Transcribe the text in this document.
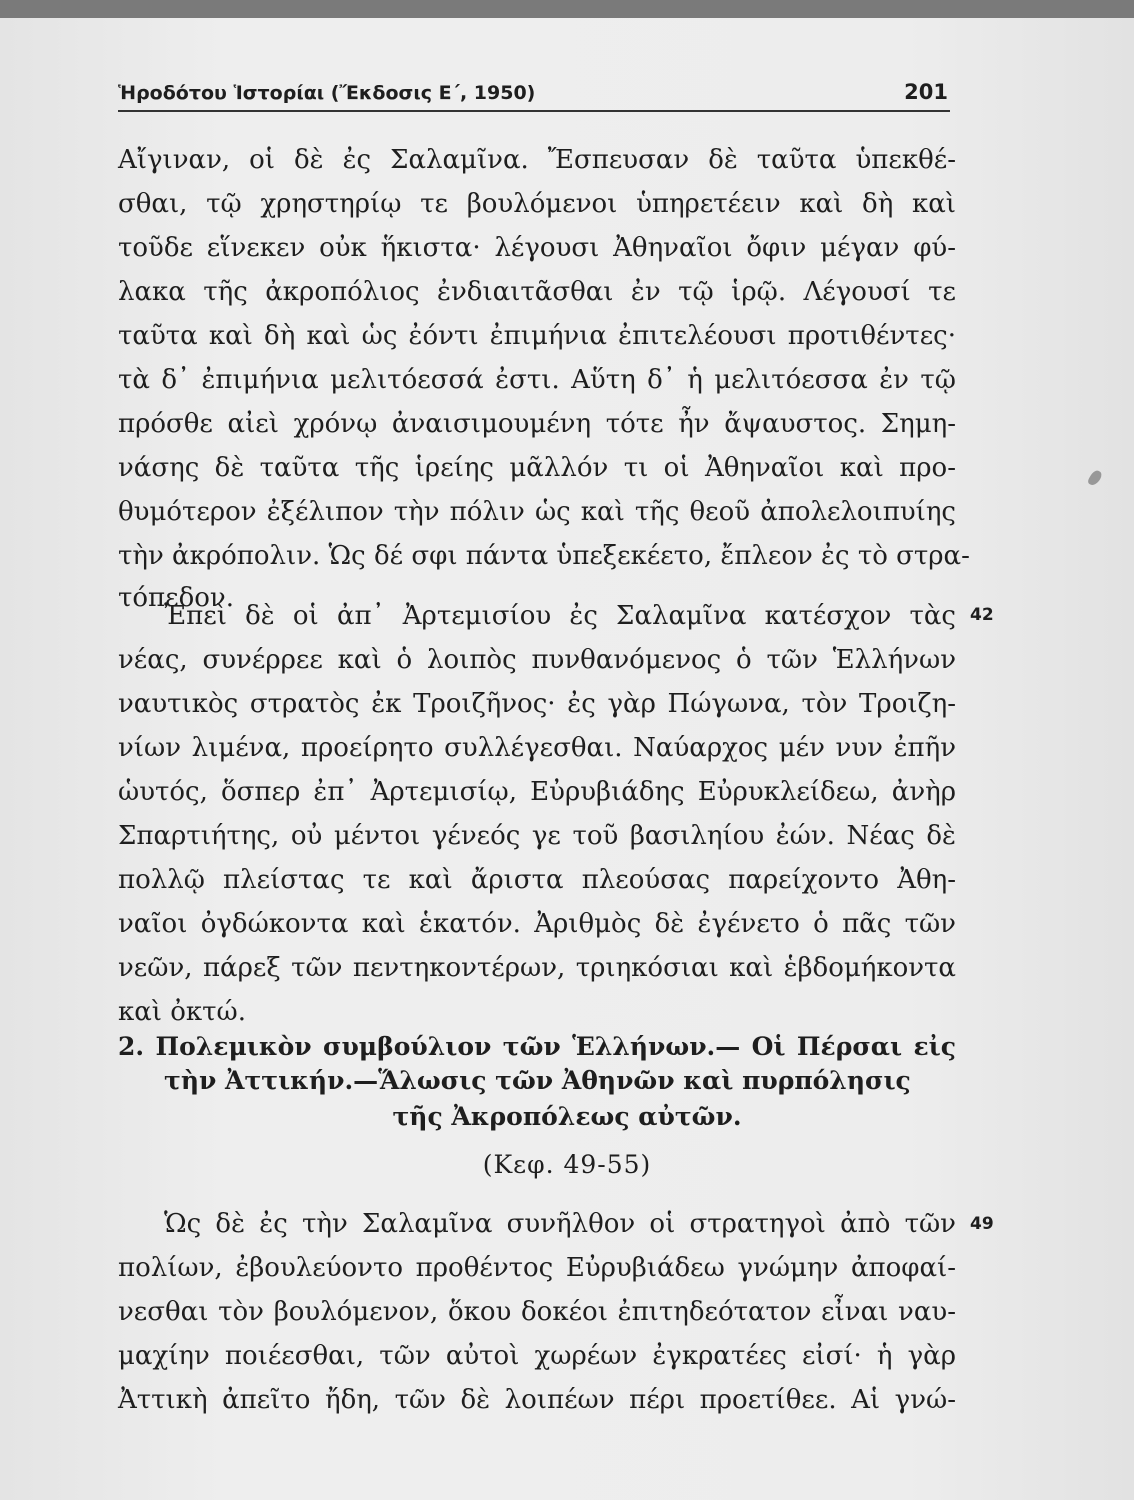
Ἡροδότου Ἱστορίαι (Ἔκδοσις Ε΄, 1950)	201
Αἴγιναν, οἱ δὲ ἐς Σαλαμῖνα. Ἔσπευσαν δὲ ταῦτα ὑπεκθέ-
σθαι, τῷ χρηστηρίῳ τε βουλόμενοι ὑπηρετέειν καὶ δὴ καὶ
τοῦδε εἵνεκεν οὐκ ἥκιστα· λέγουσι Ἀθηναῖοι ὄφιν μέγαν φύ-
λακα τῆς ἀκροπόλιος ἐνδιαιτᾶσθαι ἐν τῷ ἱρῷ. Λέγουσί τε
ταῦτα καὶ δὴ καὶ ὡς ἐόντι ἐπιμήνια ἐπιτελέουσι προτιθέντες·
τὰ δ᾽ ἐπιμήνια μελιτόεσσά ἐστι. Αὕτη δ᾽ ἡ μελιτόεσσα ἐν τῷ
πρόσθε αἰεὶ χρόνῳ ἀναισιμουμένη τότε ἦν ἄψαυστος. Σημη-
νάσης δὲ ταῦτα τῆς ἱρείης μᾶλλόν τι οἱ Ἀθηναῖοι καὶ προ-
θυμότερον ἐξέλιπον τὴν πόλιν ὡς καὶ τῆς θεοῦ ἀπολελοιπυίης
τὴν ἀκρόπολιν. Ὡς δέ σφι πάντα ὑπεξεκέετο, ἔπλεον ἐς τὸ στρα-
τόπεδον.
42
Ἐπεὶ δὲ οἱ ἀπ᾽ Ἀρτεμισίου ἐς Σαλαμῖνα κατέσχον τὰς
νέας, συνέρρεε καὶ ὁ λοιπὸς πυνθανόμενος ὁ τῶν Ἑλλήνων
ναυτικὸς στρατὸς ἐκ Τροιζῆνος· ἐς γὰρ Πώγωνα, τὸν Τροιζη-
νίων λιμένα, προείρητο συλλέγεσθαι. Ναύαρχος μέν νυν ἐπῆν
ὡυτός, ὅσπερ ἐπ᾽ Ἀρτεμισίῳ, Εὐρυβιάδης Εὐρυκλείδεω, ἀνὴρ
Σπαρτιήτης, οὐ μέντοι γένεός γε τοῦ βασιληίου ἐών. Νέας δὲ
πολλῷ πλείστας τε καὶ ἄριστα πλεούσας παρείχοντο Ἀθη-
ναῖοι ὀγδώκοντα καὶ ἑκατόν. Ἀριθμὸς δὲ ἐγένετο ὁ πᾶς τῶν
νεῶν, πάρεξ τῶν πεντηκοντέρων, τριηκόσιαι καὶ ἑβδομήκοντα
καὶ ὀκτώ.
2. Πολεμικὸν συμβούλιον τῶν Ἑλλήνων.— Οἱ Πέρσαι εἰς
τὴν Ἀττικήν.—Ἅλωσις τῶν Ἀθηνῶν καὶ πυρπόλησις
τῆς Ἀκροπόλεως αὐτῶν.
(Κεφ. 49-55)
49
Ὡς δὲ ἐς τὴν Σαλαμῖνα συνῆλθον οἱ στρατηγοὶ ἀπὸ τῶν
πολίων, ἐβουλεύοντο προθέντος Εὐρυβιάδεω γνώμην ἀποφαί-
νεσθαι τὸν βουλόμενον, ὅκου δοκέοι ἐπιτηδεότατον εἶναι ναυ-
μαχίην ποιέεσθαι, τῶν αὐτοὶ χωρέων ἐγκρατέες εἰσί· ἡ γὰρ
Ἀττικὴ ἀπεῖτο ἤδη, τῶν δὲ λοιπέων πέρι προετίθεε. Αἱ γνώ-
